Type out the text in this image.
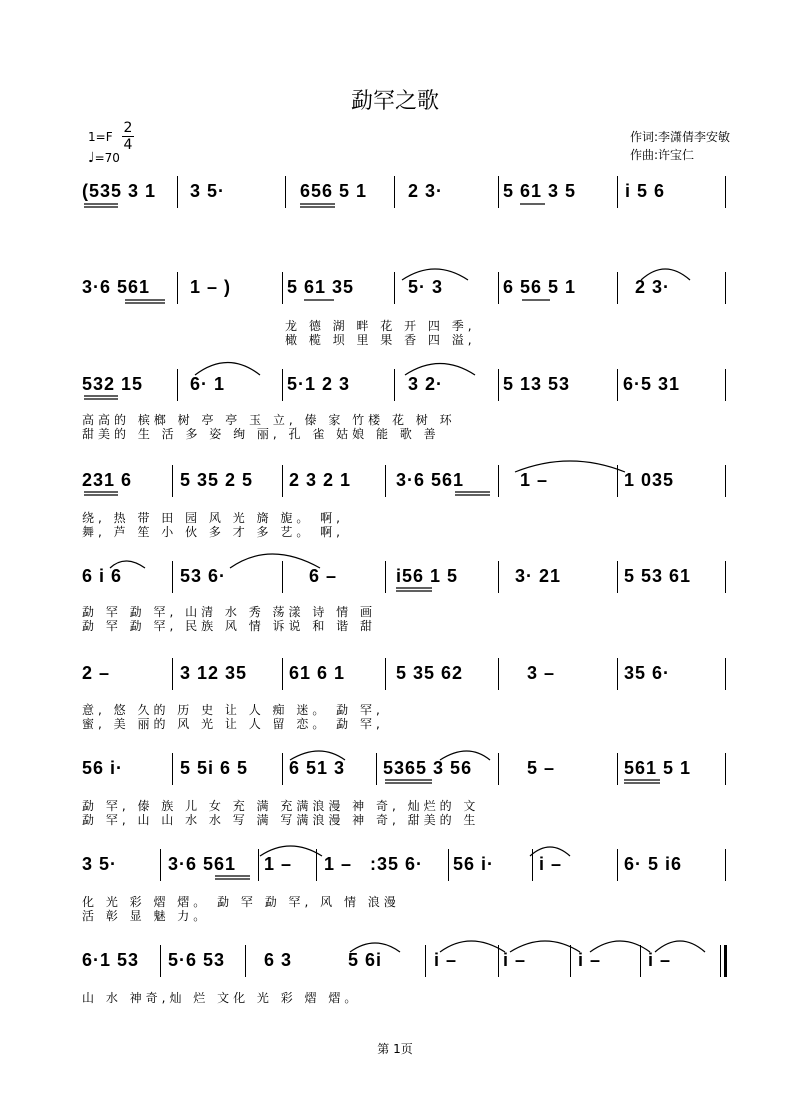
勐罕之歌
1=F
2
4
♩=70
作词:李潇倩李安敏
作曲:许宝仁
(535 3 1 3 5·	656 5 1 2 3·	5 61 3 5	i 5 6
3·6 561 1 – )	5 61 35	5· 3	6 56 5 1	2 3·
龙 德 湖 畔 花 开 四 季,
橄 榄 坝 里 果 香 四 溢,
532 15	6· 1	5·1 2 3	3 2·	5 13 53	6·5 31
高高的 槟榔 树 亭 亭 玉 立, 傣 家 竹楼 花 树 环
甜美的 生 活 多 姿 绚 丽, 孔 雀 姑娘 能 歌 善
231 6	5 35 2 5 2 3 2 1 3·6 561	1 –	1 035
绕, 热 带 田 园 风 光 旖 旎。 啊,
舞, 芦 笙 小 伙 多 才 多 艺。 啊,
6 i 6	53 6·	6 –	i56 1 5	3· 21	5 53 61
勐 罕 勐 罕, 山清 水 秀 荡漾 诗 情 画
勐 罕 勐 罕, 民族 风 情 诉说 和 谐 甜
2 –	3 12 35 61 6 1	5 35 62	3 –	35 6·
意, 悠 久的 历 史 让 人 痴 迷。 勐 罕,
蜜, 美 丽的 风 光 让 人 留 恋。 勐 罕,
56 i·	5 5i 6 5 6 51 3 5365 3 56	5 –	561 5 1
勐 罕, 傣 族 儿 女 充 满 充满浪漫 神 奇, 灿烂的 文
勐 罕, 山 山 水 水 写 满 写满浪漫 神 奇, 甜美的 生
3 5·	3·6 561 1 – 1 – :35 6· 56 i· i –	6· 5 i6
化 光 彩 熠 熠。 勐 罕 勐 罕, 风 情 浪漫
活 彰 显 魅 力。
6·1 53 5·6 53 6 3	5 6i	i –	i –	i –	i –
山 水 神奇,灿 烂 文化 光 彩 熠 熠。
第 1页
